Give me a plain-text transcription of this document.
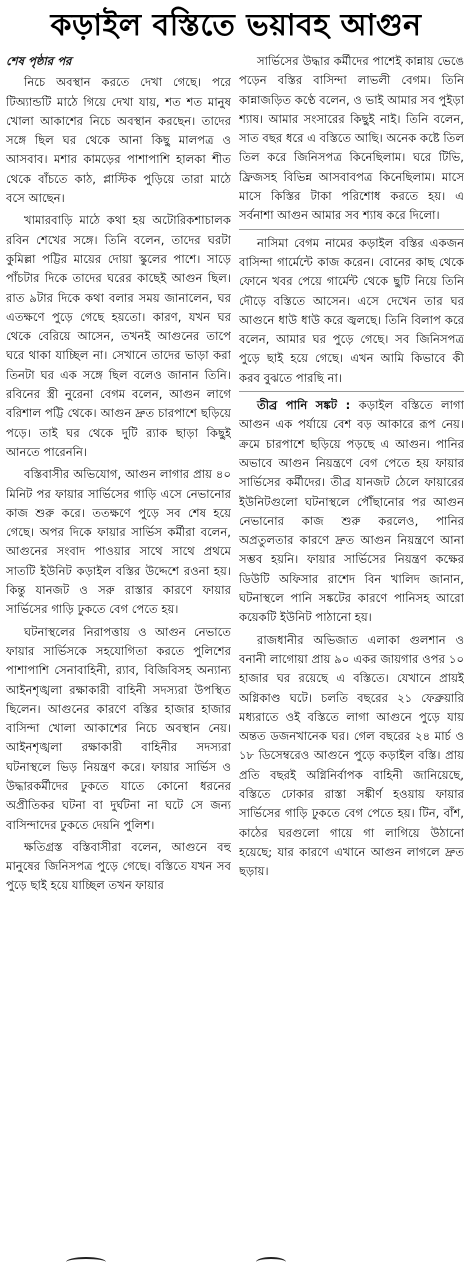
কড়াইল বস্তিতে ভয়াবহ আগুন
শেষ পৃষ্ঠার পর

নিচে অবস্থান করতে দেখা গেছে। পরে টিঅ্যান্ডটি মাঠে গিয়ে দেখা যায়, শত শত মানুষ খোলা আকাশের নিচে অবস্থান করছেন। তাদের সঙ্গে ছিল ঘর থেকে আনা কিছু মালপত্র ও আসবাব। মশার কামড়ের পাশাপাশি হালকা শীত থেকে বাঁচতে কাঠ, প্লাস্টিক পুড়িয়ে তারা মাঠে বসে আছেন।

খামারবাড়ি মাঠে কথা হয় অটোরিকশাচালক রবিন শেখের সঙ্গে। তিনি বলেন, তাদের ঘরটা কুমিল্লা পট্টির মায়ের দোয়া স্কুলের পাশে। সাড়ে পাঁচটার দিকে তাদের ঘরের কাছেই আগুন ছিল। রাত ৯টার দিকে কথা বলার সময় জানালেন, ঘর এতক্ষণে পুড়ে গেছে হয়তো। কারণ, যখন ঘর থেকে বেরিয়ে আসেন, তখনই আগুনের তাপে ঘরে থাকা যাচ্ছিল না। সেখানে তাদের ভাড়া করা তিনটা ঘর এক সঙ্গে ছিল বলেও জানান তিনি। রবিনের স্ত্রী নুরেনা বেগম বলেন, আগুন লাগে বরিশাল পট্টি থেকে। আগুন দ্রুত চারপাশে ছড়িয়ে পড়ে। তাই ঘর থেকে দুটি র‍্যাক ছাড়া কিছুই আনতে পারেননি।

বস্তিবাসীর অভিযোগ, আগুন লাগার প্রায় ৪০ মিনিট পর ফায়ার সার্ভিসের গাড়ি এসে নেভানোর কাজ শুরু করে। ততক্ষণে পুড়ে সব শেষ হয়ে গেছে। অপর দিকে ফায়ার সার্ভিস কর্মীরা বলেন, আগুনের সংবাদ পাওয়ার সাথে সাথে প্রথমে সাতটি ইউনিট কড়াইল বস্তির উদ্দেশে রওনা হয়। কিন্তু যানজট ও সরু রাস্তার কারণে ফায়ার সার্ভিসের গাড়ি ঢুকতে বেগ পেতে হয়।

ঘটনাস্থলের নিরাপত্তায় ও আগুন নেভাতে ফায়ার সার্ভিসকে সহযোগিতা করতে পুলিশের পাশাপাশি সেনাবাহিনী, র‍্যাব, বিজিবিসহ অন্যান্য আইনশৃঙ্খলা রক্ষাকারী বাহিনী সদস্যরা উপস্থিত ছিলেন। আগুনের কারণে বস্তির হাজার হাজার বাসিন্দা খোলা আকাশের নিচে অবস্থান নেয়। আইনশৃঙ্খলা রক্ষাকারী বাহিনীর সদস্যরা ঘটনাস্থলে ভিড় নিয়ন্ত্রণ করে। ফায়ার সার্ভিস ও উদ্ধারকর্মীদের ঢুকতে যাতে কোনো ধরনের অপ্রীতিকর ঘটনা বা দুর্ঘটনা না ঘটে সে জন্য বাসিন্দাদের ঢুকতে দেয়নি পুলিশ।

ক্ষতিগ্রস্ত বস্তিবাসীরা বলেন, আগুনে বহু মানুষের জিনিসপত্র পুড়ে গেছে। বস্তিতে যখন সব পুড়ে ছাই হয়ে যাচ্ছিল তখন ফায়ার

সার্ভিসের উদ্ধার কর্মীদের পাশেই কান্নায় ভেঙে পড়েন বস্তির বাসিন্দা লাভলী বেগম। তিনি কান্নাজড়িত কণ্ঠে বলেন, ও ভাই আমার সব পুইড়া শ্যাষ। আমার সংসারের কিছুই নাই। তিনি বলেন, সাত বছর ধরে এ বস্তিতে আছি। অনেক কষ্টে তিল তিল করে জিনিসপত্র কিনেছিলাম। ঘরে টিভি, ফ্রিজসহ বিভিন্ন আসবাবপত্র কিনেছিলাম। মাসে মাসে কিস্তির টাকা পরিশোধ করতে হয়। এ সর্বনাশা আগুন আমার সব শ্যাষ করে দিলো।

নাসিমা বেগম নামের কড়াইল বস্তির একজন বাসিন্দা গার্মেন্টে কাজ করেন। বোনের কাছ থেকে ফোনে খবর পেয়ে গার্মেন্ট থেকে ছুটি নিয়ে তিনি দৌড়ে বস্তিতে আসেন। এসে দেখেন তার ঘর আগুনে ধাউ ধাউ করে জ্বলছে। তিনি বিলাপ করে বলেন, আমার ঘর পুড়ে গেছে। সব জিনিসপত্র পুড়ে ছাই হয়ে গেছে। এখন আমি কিভাবে কী করব বুঝতে পারছি না।

তীব্র পানি সঙ্কট : কড়াইল বস্তিতে লাগা আগুন এক পর্যায়ে বেশ বড় আকারে রূপ নেয়। ক্রমে চারপাশে ছড়িয়ে পড়ছে এ আগুন। পানির অভাবে আগুন নিয়ন্ত্রণে বেগ পেতে হয় ফায়ার সার্ভিসের কর্মীদের। তীব্র যানজট ঠেলে ফায়ারের ইউনিটগুলো ঘটনাস্থলে পৌঁছানোর পর আগুন নেভানোর কাজ শুরু করলেও, পানির অপ্রতুলতার কারণে দ্রুত আগুন নিয়ন্ত্রণে আনা সম্ভব হয়নি। ফায়ার সার্ভিসের নিয়ন্ত্রণ কক্ষের ডিউটি অফিসার রাশেদ বিন খালিদ জানান, ঘটনাস্থলে পানি সঙ্কটের কারণে পানিসহ আরো কয়েকটি ইউনিট পাঠানো হয়।

রাজধানীর অভিজাত এলাকা গুলশান ও বনানী লাগোয়া প্রায় ৯০ একর জায়গার ওপর ১০ হাজার ঘর রয়েছে এ বস্তিতে। যেখানে প্রায়ই অগ্নিকাণ্ড ঘটে। চলতি বছরের ২১ ফেব্রুয়ারি মধ্যরাতে ওই বস্তিতে লাগা আগুনে পুড়ে যায় অন্তত ডজনখানেক ঘর। গেল বছরের ২৪ মার্চ ও ১৮ ডিসেম্বরেও আগুনে পুড়ে কড়াইল বস্তি। প্রায় প্রতি বছরই অগ্নিনির্বাপক বাহিনী জানিয়েছে, বস্তিতে ঢোকার রাস্তা সঙ্কীর্ণ হওয়ায় ফায়ার সার্ভিসের গাড়ি ঢুকতে বেগ পেতে হয়। টিন, বাঁশ, কাঠের ঘরগুলো গায়ে গা লাগিয়ে উঠানো হয়েছে; যার কারণে এখানে আগুন লাগলে দ্রুত ছড়ায়।
